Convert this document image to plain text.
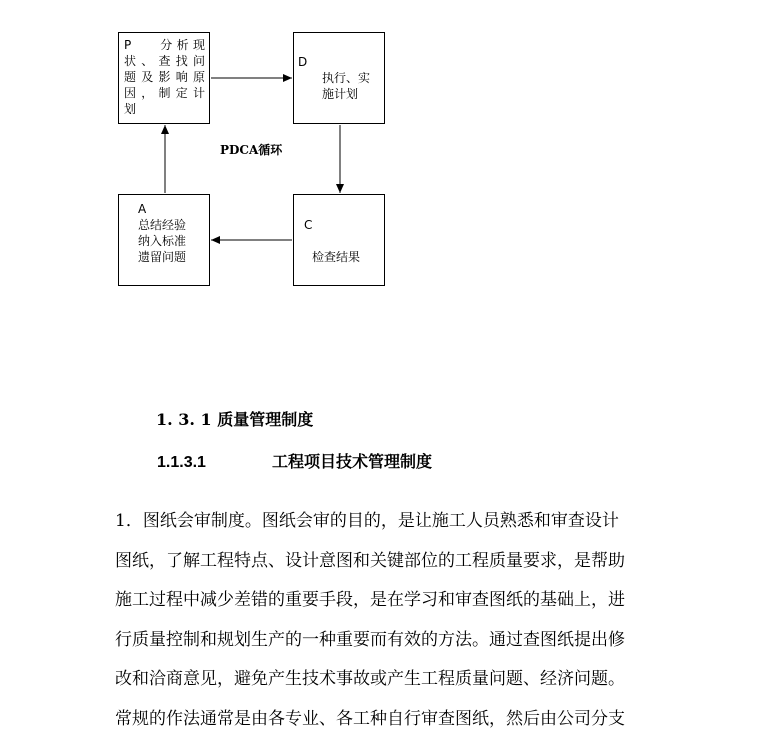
P　 分析现
状、查找问
题及影响原
因，制定计
划
D
执行、实施计划
A
总结经验
纳入标准
遗留问题
C
检查结果
PDCA循环
1. 3. 1 质量管理制度
1.1.3.1	工程项目技术管理制度
1．图纸会审制度。图纸会审的目的，是让施工人员熟悉和审查设计
图纸，了解工程特点、设计意图和关键部位的工程质量要求，是帮助
施工过程中减少差错的重要手段，是在学习和审查图纸的基础上，进
行质量控制和规划生产的一种重要而有效的方法。通过查图纸提出修
改和洽商意见，避免产生技术事故或产生工程质量问题、经济问题。
常规的作法通常是由各专业、各工种自行审查图纸，然后由公司分支
